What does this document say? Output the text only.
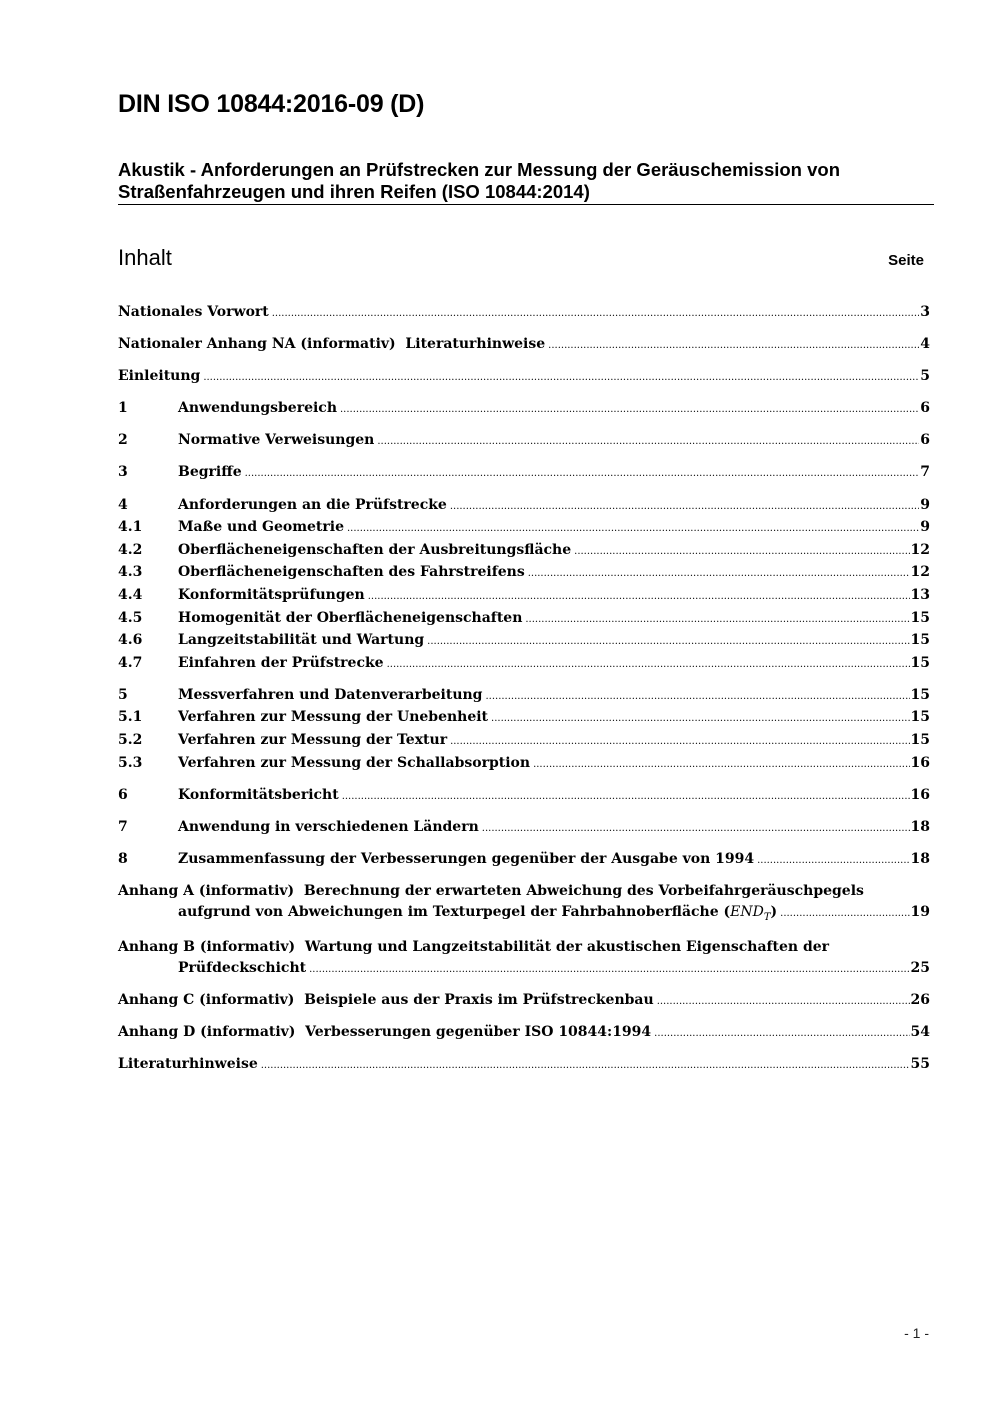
DIN ISO 10844:2016-09 (D)
Akustik - Anforderungen an Prüfstrecken zur Messung der Geräuschemission von
Straßenfahrzeugen und ihren Reifen (ISO 10844:2014)
Inhalt	Seite
Nationales Vorwort .....	3
Nationaler Anhang NA (informativ)  Literaturhinweise .....	4
Einleitung .....	5
1	Anwendungsbereich .....	6
2	Normative Verweisungen .....	6
3	Begriffe .....	7
4	Anforderungen an die Prüfstrecke .....	9
4.1	Maße und Geometrie .....	9
4.2	Oberflächeneigenschaften der Ausbreitungsfläche .....	12
4.3	Oberflächeneigenschaften des Fahrstreifens .....	12
4.4	Konformitätsprüfungen .....	13
4.5	Homogenität der Oberflächeneigenschaften .....	15
4.6	Langzeitstabilität und Wartung .....	15
4.7	Einfahren der Prüfstrecke .....	15
5	Messverfahren und Datenverarbeitung .....	15
5.1	Verfahren zur Messung der Unebenheit .....	15
5.2	Verfahren zur Messung der Textur .....	15
5.3	Verfahren zur Messung der Schallabsorption .....	16
6	Konformitätsbericht .....	16
7	Anwendung in verschiedenen Ländern .....	18
8	Zusammenfassung der Verbesserungen gegenüber der Ausgabe von 1994 .....	18
Anhang A (informativ)  Berechnung der erwarteten Abweichung des Vorbeifahrgeräuschpegels
aufgrund von Abweichungen im Texturpegel der Fahrbahnoberfläche $(END_T)$ .....	19
Anhang B (informativ)  Wartung und Langzeitstabilität der akustischen Eigenschaften der
Prüfdeckschicht .....	25
Anhang C (informativ)  Beispiele aus der Praxis im Prüfstreckenbau .....	26
Anhang D (informativ)  Verbesserungen gegenüber ISO 10844:1994 .....	54
Literaturhinweise .....	55
- 1 -
